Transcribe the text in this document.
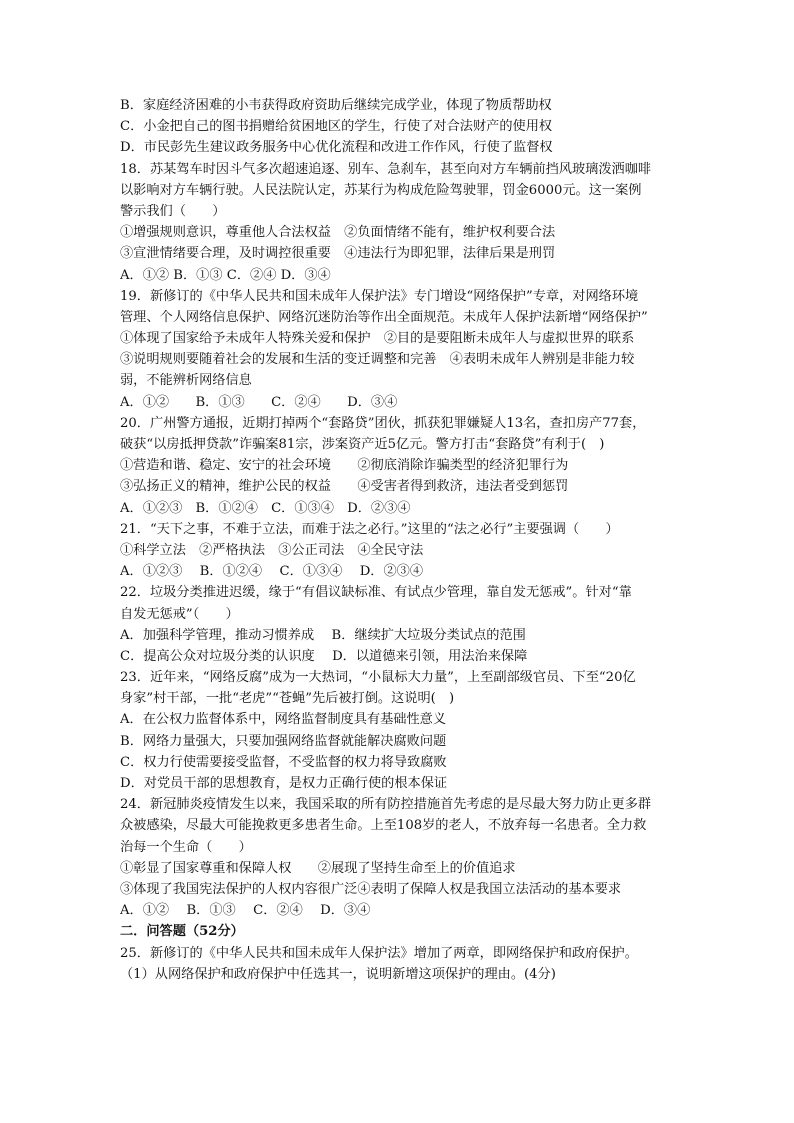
B．家庭经济困难的小韦获得政府资助后继续完成学业，体现了物质帮助权
C．小金把自己的图书捐赠给贫困地区的学生，行使了对合法财产的使用权
D．市民彭先生建议政务服务中心优化流程和改进工作作风，行使了监督权
18．苏某驾车时因斗气多次超速追逐、别车、急刹车，甚至向对方车辆前挡风玻璃泼洒咖啡
以影响对方车辆行驶。人民法院认定，苏某行为构成危险驾驶罪，罚金6000元。这一案例
警示我们（　　）
①增强规则意识，尊重他人合法权益　②负面情绪不能有，维护权利要合法
③宣泄情绪要合理，及时调控很重要　④违法行为即犯罪，法律后果是刑罚
A．①② B．①③ C．②④ D．③④
19．新修订的《中华人民共和国未成年人保护法》专门增设“网络保护”专章，对网络环境
管理、个人网络信息保护、网络沉迷防治等作出全面规范。未成年人保护法新增“网络保护”
①体现了国家给予未成年人特殊关爱和保护　②目的是要阻断未成年人与虚拟世界的联系
③说明规则要随着社会的发展和生活的变迁调整和完善　④表明未成年人辨别是非能力较
弱，不能辨析网络信息
A．①②　　B．①③　　C．②④　　D．③④
20．广州警方通报，近期打掉两个“套路贷”团伙，抓获犯罪嫌疑人13名，查扣房产77套，
破获“以房抵押贷款”诈骗案81宗，涉案资产近5亿元。警方打击“套路贷”有利于(　)
①营造和谐、稳定、安宁的社会环境　　②彻底消除诈骗类型的经济犯罪行为
③弘扬正义的精神，维护公民的权益　　④受害者得到救济，违法者受到惩罚
A．①②③　B．①②④　C．①③④　D．②③④
21．“天下之事，不难于立法，而难于法之必行。”这里的“法之必行”主要强调（　　）
①科学立法　②严格执法　③公正司法　④全民守法
A．①②③　 B．①②④　 C．①③④　 D．②③④
22．垃圾分类推进迟缓，缘于“有倡议缺标准、有试点少管理，靠自发无惩戒”。针对“靠
自发无惩戒”（　　）
A．加强科学管理，推动习惯养成　 B．继续扩大垃圾分类试点的范围
C．提高公众对垃圾分类的认识度　 D．以道德来引领，用法治来保障
23．近年来，“网络反腐”成为一大热词，“小鼠标大力量”，上至副部级官员、下至“20亿
身家”村干部，一批“老虎”“苍蝇”先后被打倒。这说明(　)
A．在公权力监督体系中，网络监督制度具有基础性意义
B．网络力量强大，只要加强网络监督就能解决腐败问题
C．权力行使需要接受监督，不受监督的权力将导致腐败
D．对党员干部的思想教育，是权力正确行使的根本保证
24．新冠肺炎疫情发生以来，我国采取的所有防控措施首先考虑的是尽最大努力防止更多群
众被感染，尽最大可能挽救更多患者生命。上至108岁的老人，不放弃每一名患者。全力救
治每一个生命（　　）
①彰显了国家尊重和保障人权　　②展现了坚持生命至上的价值追求
③体现了我国宪法保护的人权内容很广泛④表明了保障人权是我国立法活动的基本要求
A．①②　 B．①③　 C．②④　 D．③④
二．问答题（52分）
25．新修订的《中华人民共和国未成年人保护法》增加了两章，即网络保护和政府保护。
（1）从网络保护和政府保护中任选其一，说明新增这项保护的理由。(4分)
